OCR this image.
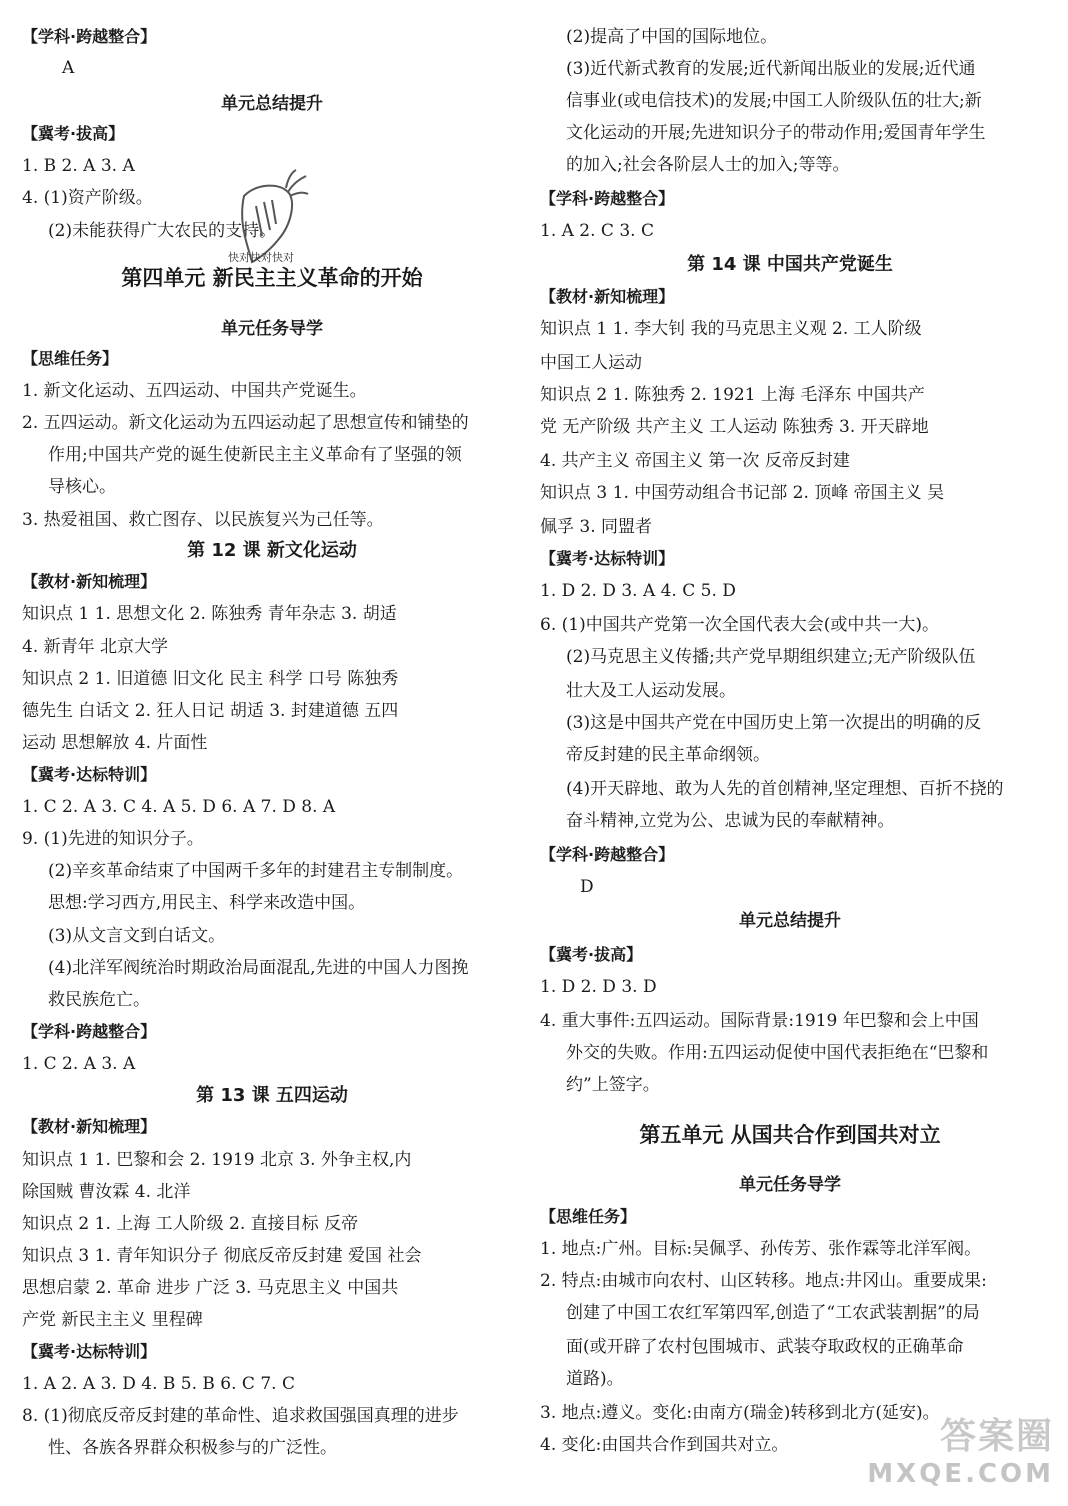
【学科·跨越整合】
A
单元总结提升
【冀考·拔高】
1. B 2. A 3. A
4. (1)资产阶级。
(2)未能获得广大农民的支持。
第四单元 新民主主义革命的开始
单元任务导学
【思维任务】
1. 新文化运动、五四运动、中国共产党诞生。
2. 五四运动。新文化运动为五四运动起了思想宣传和铺垫的
作用;中国共产党的诞生使新民主主义革命有了坚强的领
导核心。
3. 热爱祖国、救亡图存、以民族复兴为己任等。
第 12 课 新文化运动
【教材·新知梳理】
知识点 1 1. 思想文化 2. 陈独秀 青年杂志 3. 胡适
4. 新青年 北京大学
知识点 2 1. 旧道德 旧文化 民主 科学 口号 陈独秀
德先生 白话文 2. 狂人日记 胡适 3. 封建道德 五四
运动 思想解放 4. 片面性
【冀考·达标特训】
1. C 2. A 3. C 4. A 5. D 6. A 7. D 8. A
9. (1)先进的知识分子。
(2)辛亥革命结束了中国两千多年的封建君主专制制度。
思想:学习西方,用民主、科学来改造中国。
(3)从文言文到白话文。
(4)北洋军阀统治时期政治局面混乱,先进的中国人力图挽
救民族危亡。
【学科·跨越整合】
1. C 2. A 3. A
第 13 课 五四运动
【教材·新知梳理】
知识点 1 1. 巴黎和会 2. 1919 北京 3. 外争主权,内
除国贼 曹汝霖 4. 北洋
知识点 2 1. 上海 工人阶级 2. 直接目标 反帝
知识点 3 1. 青年知识分子 彻底反帝反封建 爱国 社会
思想启蒙 2. 革命 进步 广泛 3. 马克思主义 中国共
产党 新民主主义 里程碑
【冀考·达标特训】
1. A 2. A 3. D 4. B 5. B 6. C 7. C
8. (1)彻底反帝反封建的革命性、追求救国强国真理的进步
性、各族各界群众积极参与的广泛性。
(2)提高了中国的国际地位。
(3)近代新式教育的发展;近代新闻出版业的发展;近代通
信事业(或电信技术)的发展;中国工人阶级队伍的壮大;新
文化运动的开展;先进知识分子的带动作用;爱国青年学生
的加入;社会各阶层人士的加入;等等。
【学科·跨越整合】
1. A 2. C 3. C
第 14 课 中国共产党诞生
【教材·新知梳理】
知识点 1 1. 李大钊 我的马克思主义观 2. 工人阶级
中国工人运动
知识点 2 1. 陈独秀 2. 1921 上海 毛泽东 中国共产
党 无产阶级 共产主义 工人运动 陈独秀 3. 开天辟地
4. 共产主义 帝国主义 第一次 反帝反封建
知识点 3 1. 中国劳动组合书记部 2. 顶峰 帝国主义 吴
佩孚 3. 同盟者
【冀考·达标特训】
1. D 2. D 3. A 4. C 5. D
6. (1)中国共产党第一次全国代表大会(或中共一大)。
(2)马克思主义传播;共产党早期组织建立;无产阶级队伍
壮大及工人运动发展。
(3)这是中国共产党在中国历史上第一次提出的明确的反
帝反封建的民主革命纲领。
(4)开天辟地、敢为人先的首创精神,坚定理想、百折不挠的
奋斗精神,立党为公、忠诚为民的奉献精神。
【学科·跨越整合】
D
单元总结提升
【冀考·拔高】
1. D 2. D 3. D
4. 重大事件:五四运动。国际背景:1919 年巴黎和会上中国
外交的失败。作用:五四运动促使中国代表拒绝在“巴黎和
约”上签字。
第五单元 从国共合作到国共对立
单元任务导学
【思维任务】
1. 地点:广州。目标:吴佩孚、孙传芳、张作霖等北洋军阀。
2. 特点:由城市向农村、山区转移。地点:井冈山。重要成果:
创建了中国工农红军第四军,创造了“工农武装割据”的局
面(或开辟了农村包围城市、武装夺取政权的正确革命
道路)。
3. 地点:遵义。变化:由南方(瑞金)转移到北方(延安)。
4. 变化:由国共合作到国共对立。
快对快对快对
答案圈
MXQE.COM
